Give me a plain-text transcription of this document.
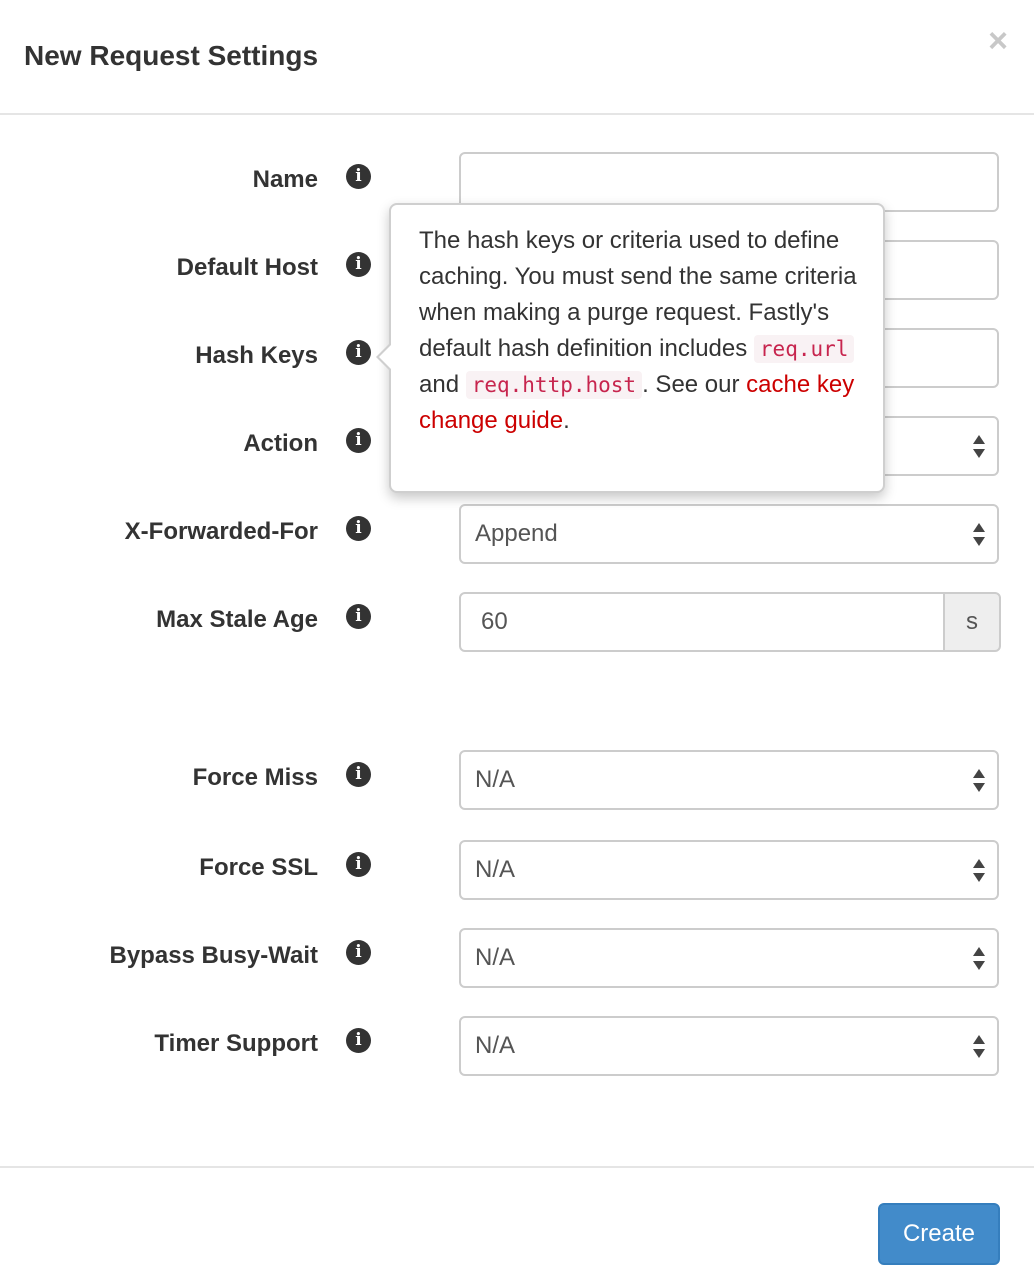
New Request Settings	×
Name	i
Default Host	i
Hash Keys	i
Action	i
X-Forwarded-For	i	Append
Max Stale Age	i	60	s
Force Miss	i	N/A
Force SSL	i	N/A
Bypass Busy-Wait	i	N/A
Timer Support	i	N/A
The hash keys or criteria used to define caching. You must send the same criteria when making a purge request. Fastly's default hash definition includes req.url and req.http.host . See our cache key change guide.
Create
